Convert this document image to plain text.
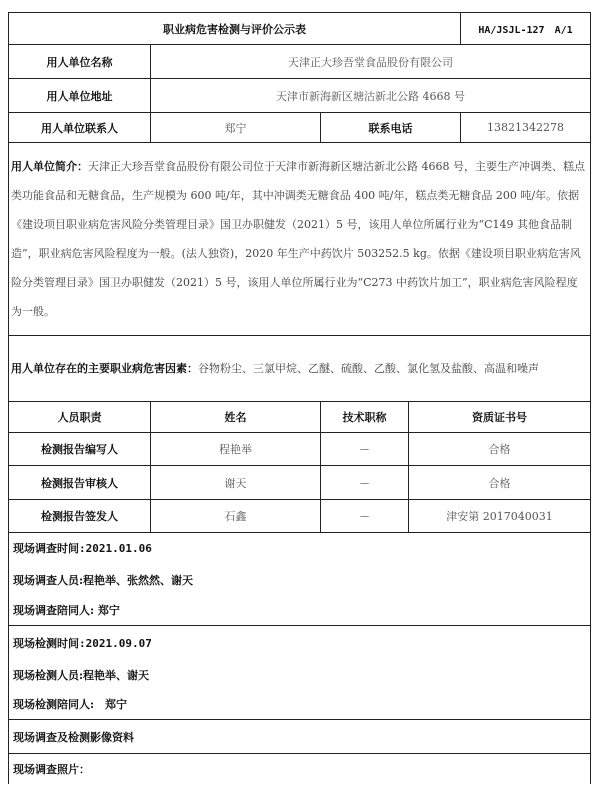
职业病危害检测与评价公示表				HA/JSJL-127　A/1
用人单位名称	天津正大珍吾堂食品股份有限公司			
用人单位地址	天津市新海新区塘沽新北公路 4668 号			
用人单位联系人	郑宁	联系电话		13821342278
用人单位简介：天津正大珍吾堂食品股份有限公司位于天津市新海新区塘沽新北公路 4668 号，主要生产冲调类、糕点类功能食品和无糖食品，生产规模为 600 吨/年，其中冲调类无糖食品 400 吨/年，糕点类无糖食品 200 吨/年。依据《建设项目职业病危害风险分类管理目录》国卫办职健发（2021）5 号，该用人单位所属行业为“C149 其他食品制造”，职业病危害风险程度为一般。(法人独资)，2020 年生产中药饮片 503252.5 kg。依据《建设项目职业病危害风险分类管理目录》国卫办职健发（2021）5 号，该用人单位所属行业为“C273 中药饮片加工”，职业病危害风险程度为一般。				
用人单位存在的主要职业病危害因素：谷物粉尘、三氯甲烷、乙醚、硫酸、乙酸、氯化氢及盐酸、高温和噪声				
人员职责	姓名	技术职称	资质证书号	
检测报告编写人	程艳举	－	合格	
检测报告审核人	谢天	－	合格	
检测报告签发人	石鑫	－	津安第 2017040031	
现场调查时间:2021.01.06				
现场调查人员:程艳举、张然然、谢天				
现场调查陪同人: 郑宁				
现场检测时间:2021.09.07				
现场检测人员:程艳举、谢天				
现场检测陪同人:　郑宁				
现场调查及检测影像资料				
现场调查照片：				
